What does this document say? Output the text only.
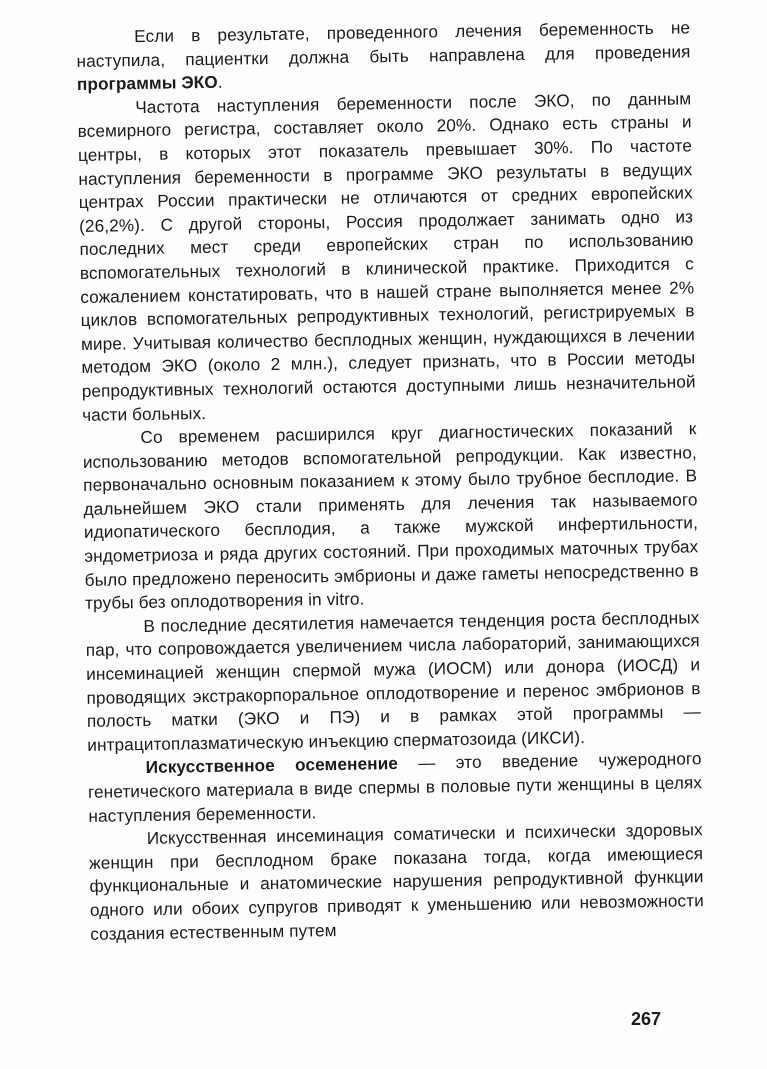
Если в результате, проведенного лечения беременность не наступила, пациентки должна быть направлена для проведения программы ЭКО.

Частота наступления беременности после ЭКО, по данным всемирного регистра, составляет около 20%. Однако есть страны и центры, в которых этот показатель превышает 30%. По частоте наступления беременности в программе ЭКО результаты в ведущих центрах России практически не отличаются от средних европейских (26,2%). С другой стороны, Россия продолжает занимать одно из последних мест среди европейских стран по использованию вспомогательных технологий в клинической практике. Приходится с сожалением констатировать, что в нашей стране выполняется менее 2% циклов вспомогательных репродуктивных технологий, регистрируемых в мире. Учитывая количество бесплодных женщин, нуждающихся в лечении методом ЭКО (около 2 млн.), следует признать, что в России методы репродуктивных технологий остаются доступными лишь незначительной части больных.

Со временем расширился круг диагностических показаний к использованию методов вспомогательной репродукции. Как известно, первоначально основным показанием к этому было трубное бесплодие. В дальнейшем ЭКО стали применять для лечения так называемого идиопатического бесплодия, а также мужской инфертильности, эндометриоза и ряда других состояний. При проходимых маточных трубах было предложено переносить эмбрионы и даже гаметы непосредственно в трубы без оплодотворения in vitro.

В последние десятилетия намечается тенденция роста бесплодных пар, что сопровождается увеличением числа лабораторий, занимающихся инсеминацией женщин спермой мужа (ИОСМ) или донора (ИОСД) и проводящих экстракорпоральное оплодотворение и перенос эмбрионов в полость матки (ЭКО и ПЭ) и в рамках этой программы — интрацитоплазматическую инъекцию сперматозоида (ИКСИ).

Искусственное осеменение — это введение чужеродного генетического материала в виде спермы в половые пути женщины в целях наступления беременности.

Искусственная инсеминация соматически и психически здоровых женщин при бесплодном браке показана тогда, когда имеющиеся функциональные и анатомические нарушения репродуктивной функции одного или обоих супругов приводят к уменьшению или невозможности создания естественным путем

267
